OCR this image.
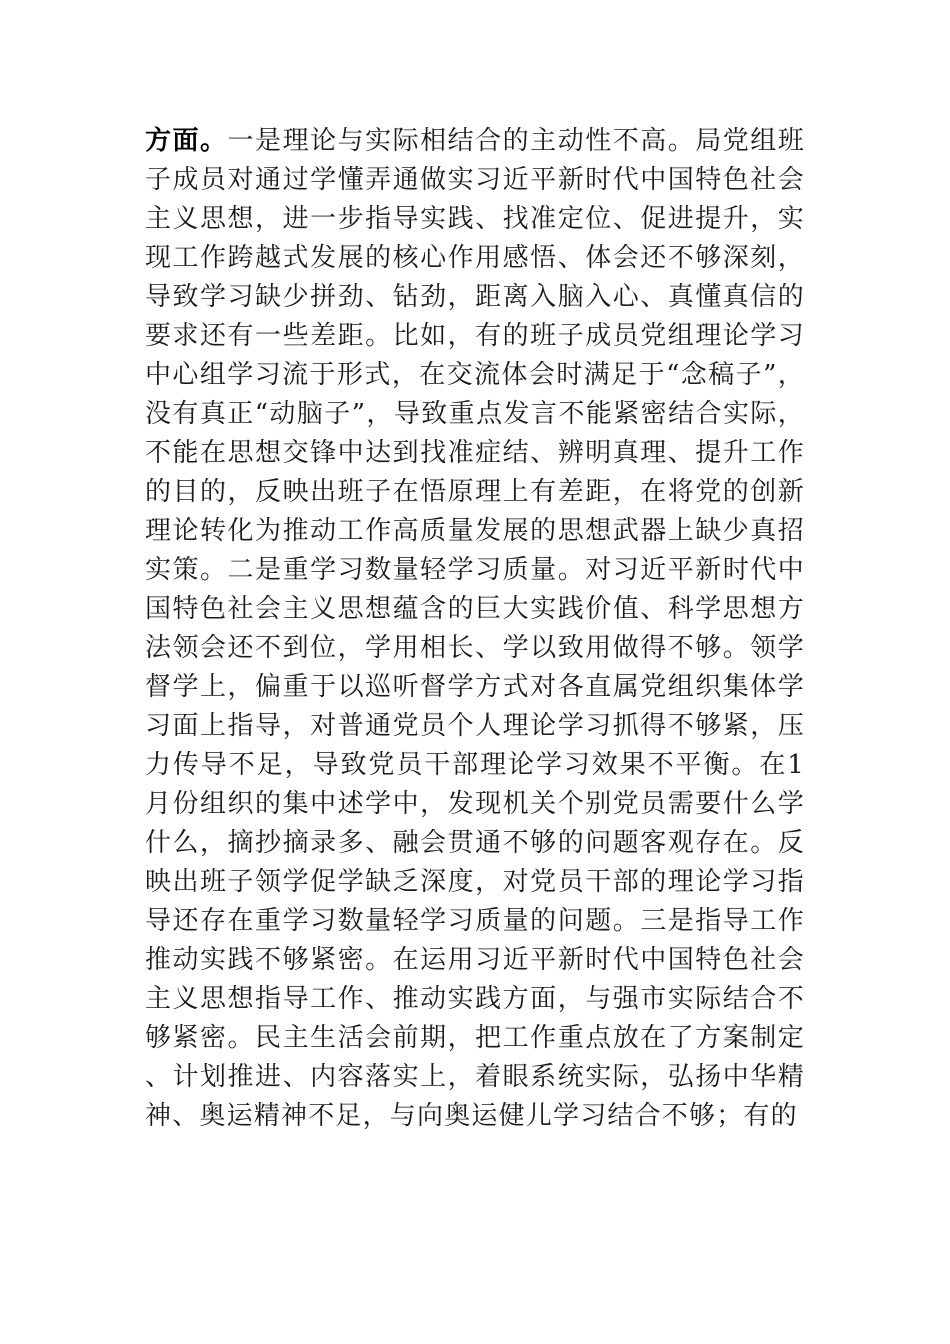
方面。一是理论与实际相结合的主动性不高。局党组班子成员对通过学懂弄通做实习近平新时代中国特色社会主义思想，进一步指导实践、找准定位、促进提升，实现工作跨越式发展的核心作用感悟、体会还不够深刻，导致学习缺少拼劲、钻劲，距离入脑入心、真懂真信的要求还有一些差距。比如，有的班子成员党组理论学习中心组学习流于形式，在交流体会时满足于“念稿子”，没有真正“动脑子”，导致重点发言不能紧密结合实际，不能在思想交锋中达到找准症结、辨明真理、提升工作的目的，反映出班子在悟原理上有差距，在将党的创新理论转化为推动工作高质量发展的思想武器上缺少真招实策。二是重学习数量轻学习质量。对习近平新时代中国特色社会主义思想蕴含的巨大实践价值、科学思想方法领会还不到位，学用相长、学以致用做得不够。领学督学上，偏重于以巡听督学方式对各直属党组织集体学习面上指导，对普通党员个人理论学习抓得不够紧，压力传导不足，导致党员干部理论学习效果不平衡。在1月份组织的集中述学中，发现机关个别党员需要什么学什么，摘抄摘录多、融会贯通不够的问题客观存在。反映出班子领学促学缺乏深度，对党员干部的理论学习指导还存在重学习数量轻学习质量的问题。三是指导工作推动实践不够紧密。在运用习近平新时代中国特色社会主义思想指导工作、推动实践方面，与强市实际结合不够紧密。民主生活会前期，把工作重点放在了方案制定、计划推进、内容落实上，着眼系统实际，弘扬中华精神、奥运精神不足，与向奥运健儿学习结合不够；有的
